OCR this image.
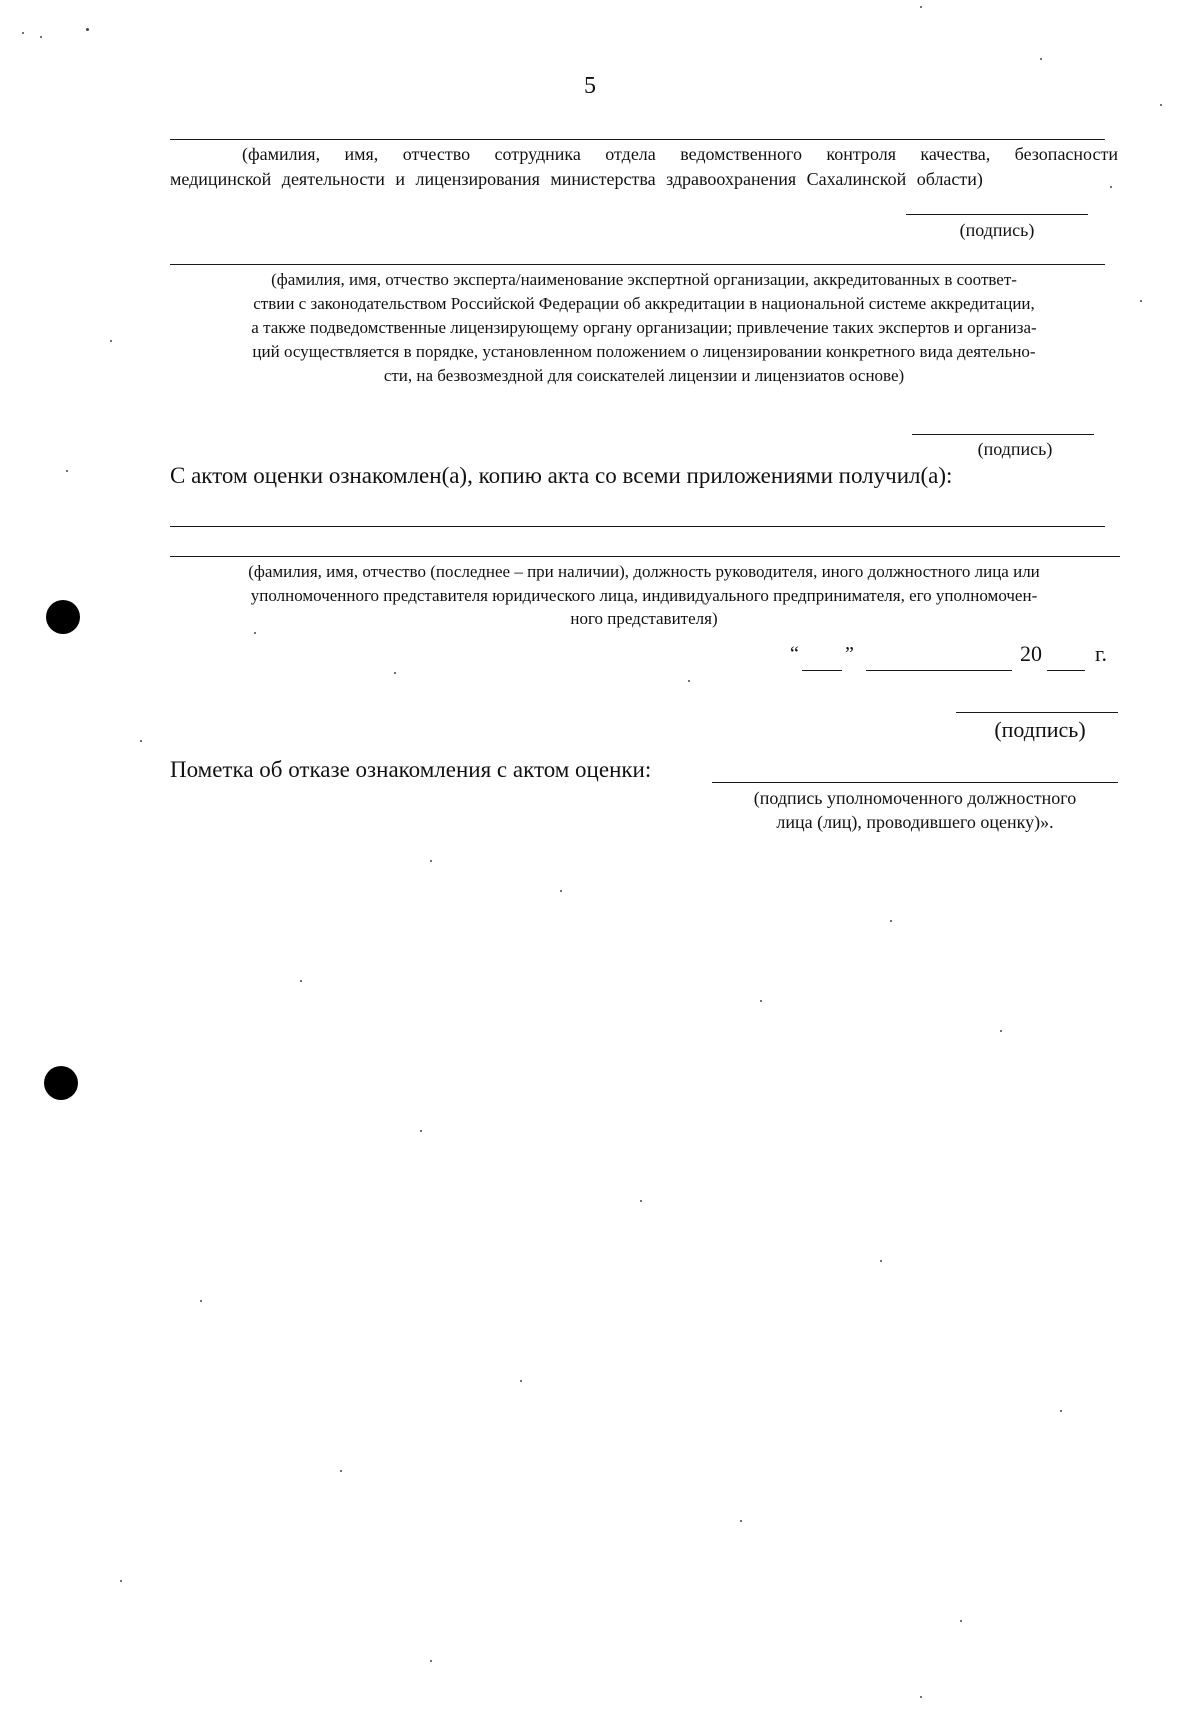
5
(фамилия, имя, отчество сотрудника отдела ведомственного контроля качества, безопасности медицинской деятельности и лицензирования министерства здравоохранения Сахалинской области)
(подпись)
(фамилия, имя, отчество эксперта/наименование экспертной организации, аккредитованных в соответ-
ствии с законодательством Российской Федерации об аккредитации в национальной системе аккредитации,
а также подведомственные лицензирующему органу организации; привлечение таких экспертов и организа-
ций осуществляется в порядке, установленном положением о лицензировании конкретного вида деятельно-
сти, на безвозмездной для соискателей лицензии и лицензиатов основе)
(подпись)
С актом оценки ознакомлен(а), копию акта со всеми приложениями получил(а):
(фамилия, имя, отчество (последнее – при наличии), должность руководителя, иного должностного лица или
уполномоченного представителя юридического лица, индивидуального предпринимателя, его уполномочен-
ного представителя)
“ ”	20 г.
(подпись)
Пометка об отказе ознакомления с актом оценки:
(подпись уполномоченного должностного
лица (лиц), проводившего оценку)».
